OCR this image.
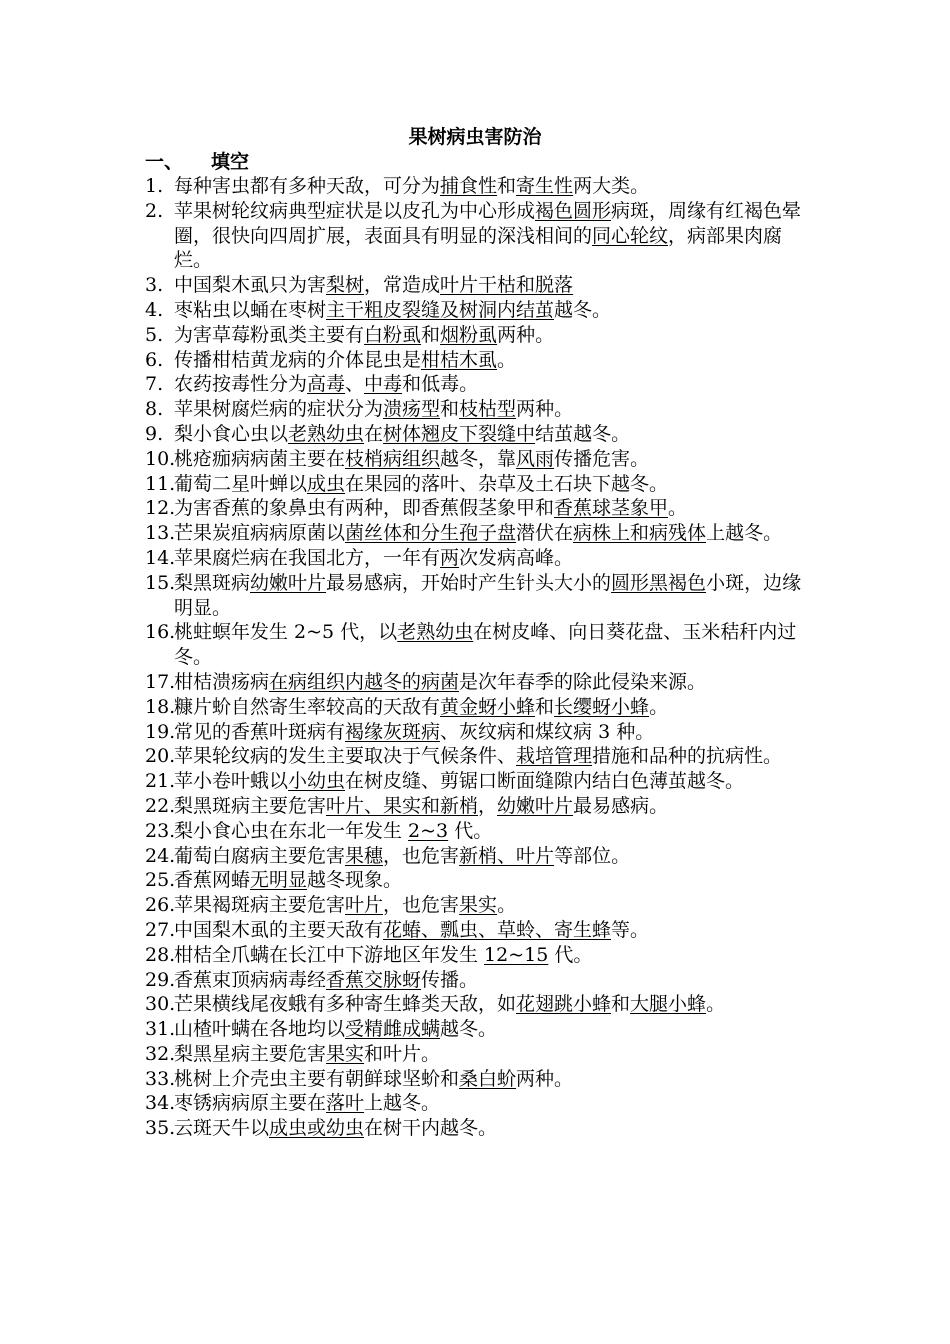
果树病虫害防治
一、 填空
1. 每种害虫都有多种天敌，可分为捕食性和寄生性两大类。
2. 苹果树轮纹病典型症状是以皮孔为中心形成褐色圆形病斑，周缘有红褐色晕圈，很快向四周扩展，表面具有明显的深浅相间的同心轮纹，病部果肉腐烂。
3. 中国梨木虱只为害梨树，常造成叶片干枯和脱落
4. 枣粘虫以蛹在枣树主干粗皮裂缝及树洞内结茧越冬。
5. 为害草莓粉虱类主要有白粉虱和烟粉虱两种。
6. 传播柑桔黄龙病的介体昆虫是柑桔木虱。
7. 农药按毒性分为高毒、中毒和低毒。
8. 苹果树腐烂病的症状分为溃疡型和枝枯型两种。
9. 梨小食心虫以老熟幼虫在树体翘皮下裂缝中结茧越冬。
10.
桃疮痂病病菌主要在枝梢病组织越冬，靠风雨传播危害。
11.
葡萄二星叶蝉以成虫在果园的落叶、杂草及土石块下越冬。
12.
为害香蕉的象鼻虫有两种，即香蕉假茎象甲和香蕉球茎象甲。
13.
芒果炭疽病病原菌以菌丝体和分生孢子盘潜伏在病株上和病残体上越冬。
14.
苹果腐烂病在我国北方，一年有两次发病高峰。
15.
梨黑斑病幼嫩叶片最易感病，开始时产生针头大小的圆形黑褐色小斑，边缘明显。
16.
桃蛀螟年发生 2~5 代，以老熟幼虫在树皮峰、向日葵花盘、玉米秸秆内过冬。
17.
柑桔溃疡病在病组织内越冬的病菌是次年春季的除此侵染来源。
18.
糠片蚧自然寄生率较高的天敌有黄金蚜小蜂和长缨蚜小蜂。
19.
常见的香蕉叶斑病有褐缘灰斑病、灰纹病和煤纹病 3 种。
20.
苹果轮纹病的发生主要取决于气候条件、栽培管理措施和品种的抗病性。
21.
苹小卷叶蛾以小幼虫在树皮缝、剪锯口断面缝隙内结白色薄茧越冬。
22.
梨黑斑病主要危害叶片、果实和新梢，幼嫩叶片最易感病。
23.
梨小食心虫在东北一年发生 2~3 代。
24.
葡萄白腐病主要危害果穗，也危害新梢、叶片等部位。
25.
香蕉网蝽无明显越冬现象。
26.
苹果褐斑病主要危害叶片，也危害果实。
27.
中国梨木虱的主要天敌有花蝽、瓢虫、草蛉、寄生蜂等。
28.
柑桔全爪螨在长江中下游地区年发生 12~15 代。
29.
香蕉束顶病病毒经香蕉交脉蚜传播。
30.
芒果横线尾夜蛾有多种寄生蜂类天敌，如花翅跳小蜂和大腿小蜂。
31.
山楂叶螨在各地均以受精雌成螨越冬。
32.
梨黑星病主要危害果实和叶片。
33.
桃树上介壳虫主要有朝鲜球坚蚧和桑白蚧两种。
34.
枣锈病病原主要在落叶上越冬。
35.
云斑天牛以成虫或幼虫在树干内越冬。
